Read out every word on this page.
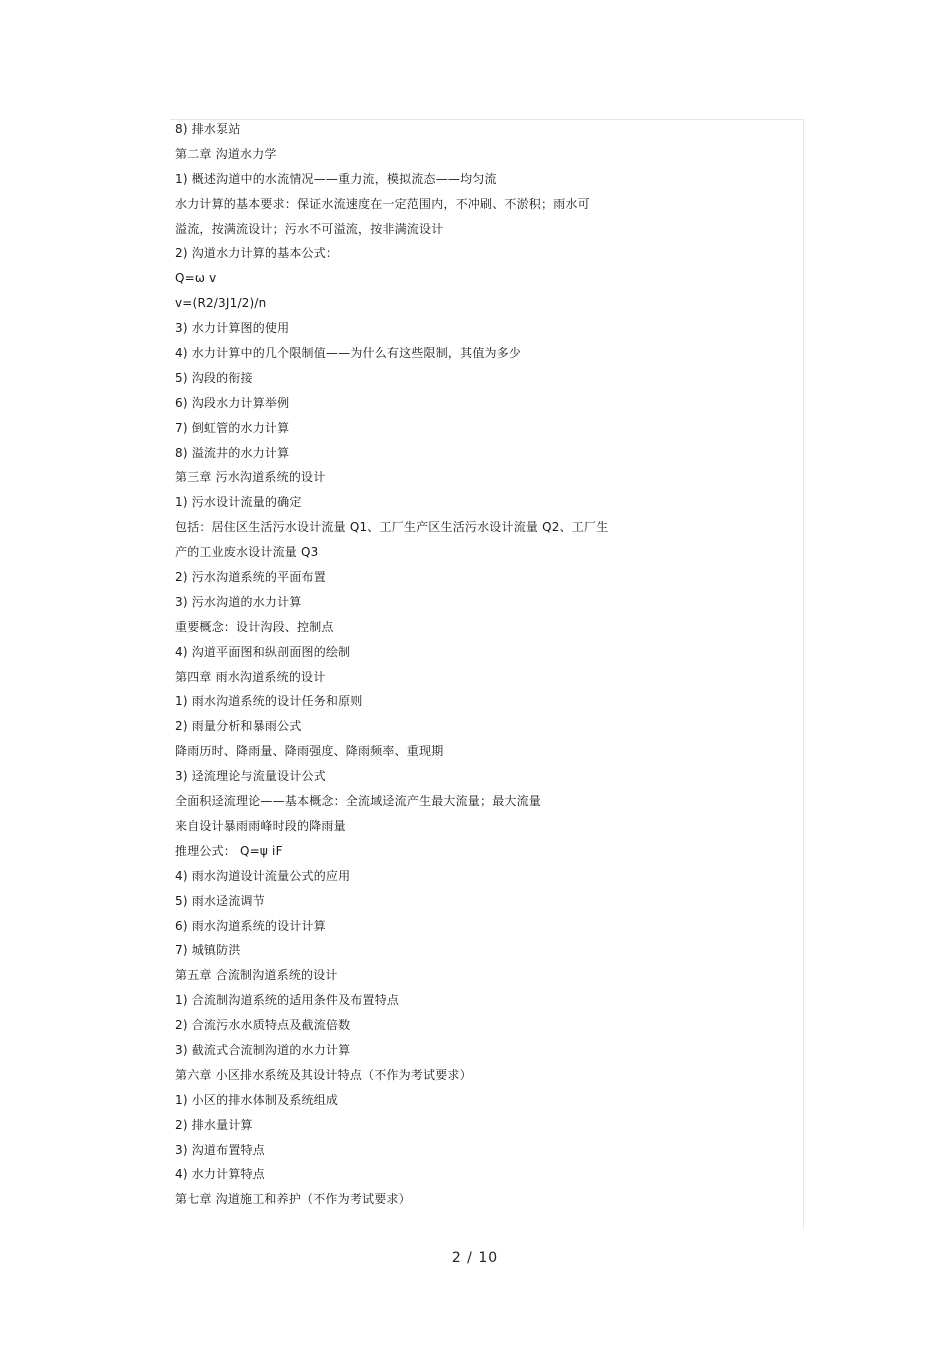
8) 排水泵站
第二章 沟道水力学
1) 概述沟道中的水流情况——重力流，模拟流态——均匀流
水力计算的基本要求：保证水流速度在一定范围内，不冲刷、不淤积；雨水可
溢流，按满流设计；污水不可溢流，按非满流设计
2) 沟道水力计算的基本公式：
Q=ω v
v=(R2/3J1/2)/n
3) 水力计算图的使用
4) 水力计算中的几个限制值——为什么有这些限制，其值为多少
5) 沟段的衔接
6) 沟段水力计算举例
7) 倒虹管的水力计算
8) 溢流井的水力计算
第三章 污水沟道系统的设计
1) 污水设计流量的确定
包括：居住区生活污水设计流量 Q1、工厂生产区生活污水设计流量 Q2、工厂生
产的工业废水设计流量 Q3
2) 污水沟道系统的平面布置
3) 污水沟道的水力计算
重要概念：设计沟段、控制点
4) 沟道平面图和纵剖面图的绘制
第四章 雨水沟道系统的设计
1) 雨水沟道系统的设计任务和原则
2) 雨量分析和暴雨公式
降雨历时、降雨量、降雨强度、降雨频率、重现期
3) 迳流理论与流量设计公式
全面积迳流理论——基本概念：全流域迳流产生最大流量；最大流量
来自设计暴雨雨峰时段的降雨量
推理公式： Q=ψ iF
4) 雨水沟道设计流量公式的应用
5) 雨水迳流调节
6) 雨水沟道系统的设计计算
7) 城镇防洪
第五章 合流制沟道系统的设计
1) 合流制沟道系统的适用条件及布置特点
2) 合流污水水质特点及截流倍数
3) 截流式合流制沟道的水力计算
第六章 小区排水系统及其设计特点（不作为考试要求）
1) 小区的排水体制及系统组成
2) 排水量计算
3) 沟道布置特点
4) 水力计算特点
第七章 沟道施工和养护（不作为考试要求）
2 / 10
